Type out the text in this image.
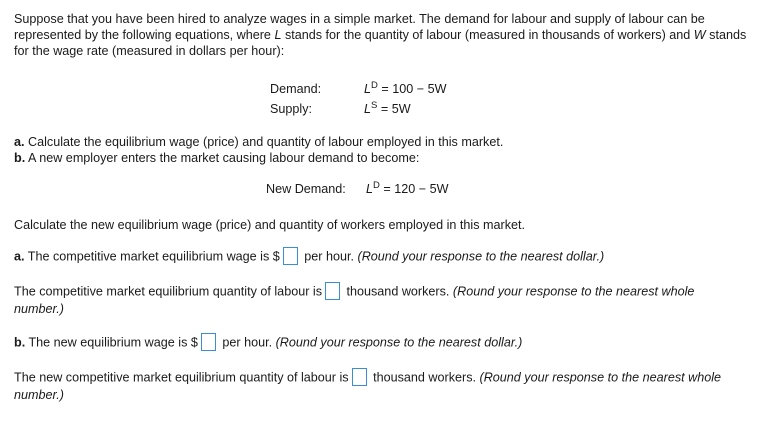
Suppose that you have been hired to analyze wages in a simple market. The demand for labour and supply of labour can be represented by the following equations, where L stands for the quantity of labour (measured in thousands of workers) and W stands for the wage rate (measured in dollars per hour):
Demand:	$L^D = 100 - 5W$
Supply:	$L^S = 5W$
a. Calculate the equilibrium wage (price) and quantity of labour employed in this market.
b. A new employer enters the market causing labour demand to become:
New Demand: $L^D = 120 - 5W$
Calculate the new equilibrium wage (price) and quantity of workers employed in this market.
a. The competitive market equilibrium wage is $ per hour. (Round your response to the nearest dollar.)
The competitive market equilibrium quantity of labour is thousand workers. (Round your response to the nearest whole
number.)
b. The new equilibrium wage is $ per hour. (Round your response to the nearest dollar.)
The new competitive market equilibrium quantity of labour is thousand workers. (Round your response to the nearest whole
number.)
